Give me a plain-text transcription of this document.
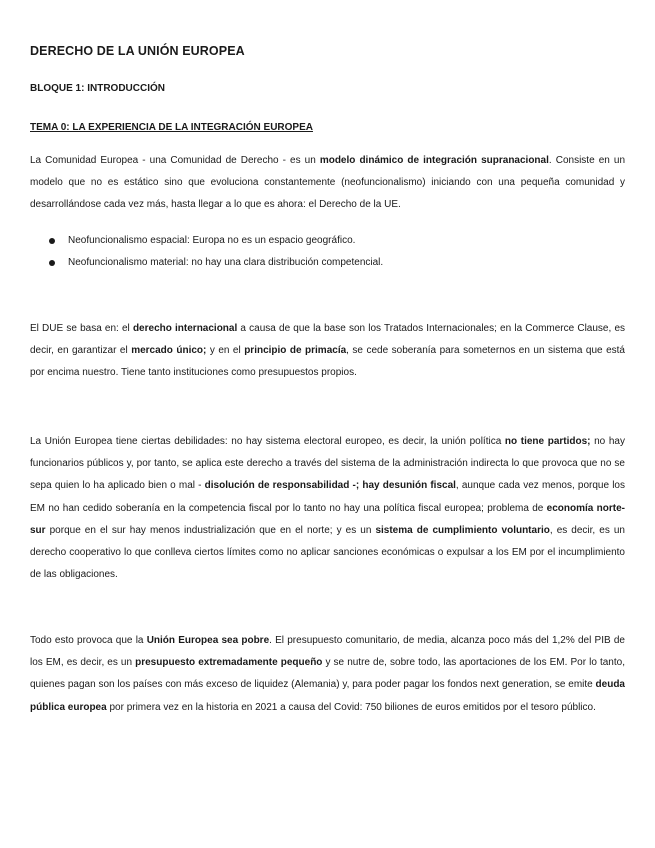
DERECHO DE LA UNIÓN EUROPEA
BLOQUE 1: INTRODUCCIÓN
TEMA 0: LA EXPERIENCIA DE LA INTEGRACIÓN EUROPEA

La Comunidad Europea - una Comunidad de Derecho - es un modelo dinámico de integración supranacional. Consiste en un modelo que no es estático sino que evoluciona constantemente (neofuncionalismo) iniciando con una pequeña comunidad y desarrollándose cada vez más, hasta llegar a lo que es ahora: el Derecho de la UE.

Neofuncionalismo espacial: Europa no es un espacio geográfico.
Neofuncionalismo material: no hay una clara distribución competencial.

El DUE se basa en: el derecho internacional a causa de que la base son los Tratados Internacionales; en la Commerce Clause, es decir, en garantizar el mercado único; y en el principio de primacía, se cede soberanía para someternos en un sistema que está por encima nuestro. Tiene tanto instituciones como presupuestos propios.

La Unión Europea tiene ciertas debilidades: no hay sistema electoral europeo, es decir, la unión política no tiene partidos; no hay funcionarios públicos y, por tanto, se aplica este derecho a través del sistema de la administración indirecta lo que provoca que no se sepa quien lo ha aplicado bien o mal - disolución de responsabilidad -; hay desunión fiscal, aunque cada vez menos, porque los EM no han cedido soberanía en la competencia fiscal por lo tanto no hay una política fiscal europea; problema de economía norte-sur porque en el sur hay menos industrialización que en el norte; y es un sistema de cumplimiento voluntario, es decir, es un derecho cooperativo lo que conlleva ciertos límites como no aplicar sanciones económicas o expulsar a los EM por el incumplimiento de las obligaciones.

Todo esto provoca que la Unión Europea sea pobre. El presupuesto comunitario, de media, alcanza poco más del 1,2% del PIB de los EM, es decir, es un presupuesto extremadamente pequeño y se nutre de, sobre todo, las aportaciones de los EM. Por lo tanto, quienes pagan son los países con más exceso de liquidez (Alemania) y, para poder pagar los fondos next generation, se emite deuda pública europea por primera vez en la historia en 2021 a causa del Covid: 750 biliones de euros emitidos por el tesoro público.
